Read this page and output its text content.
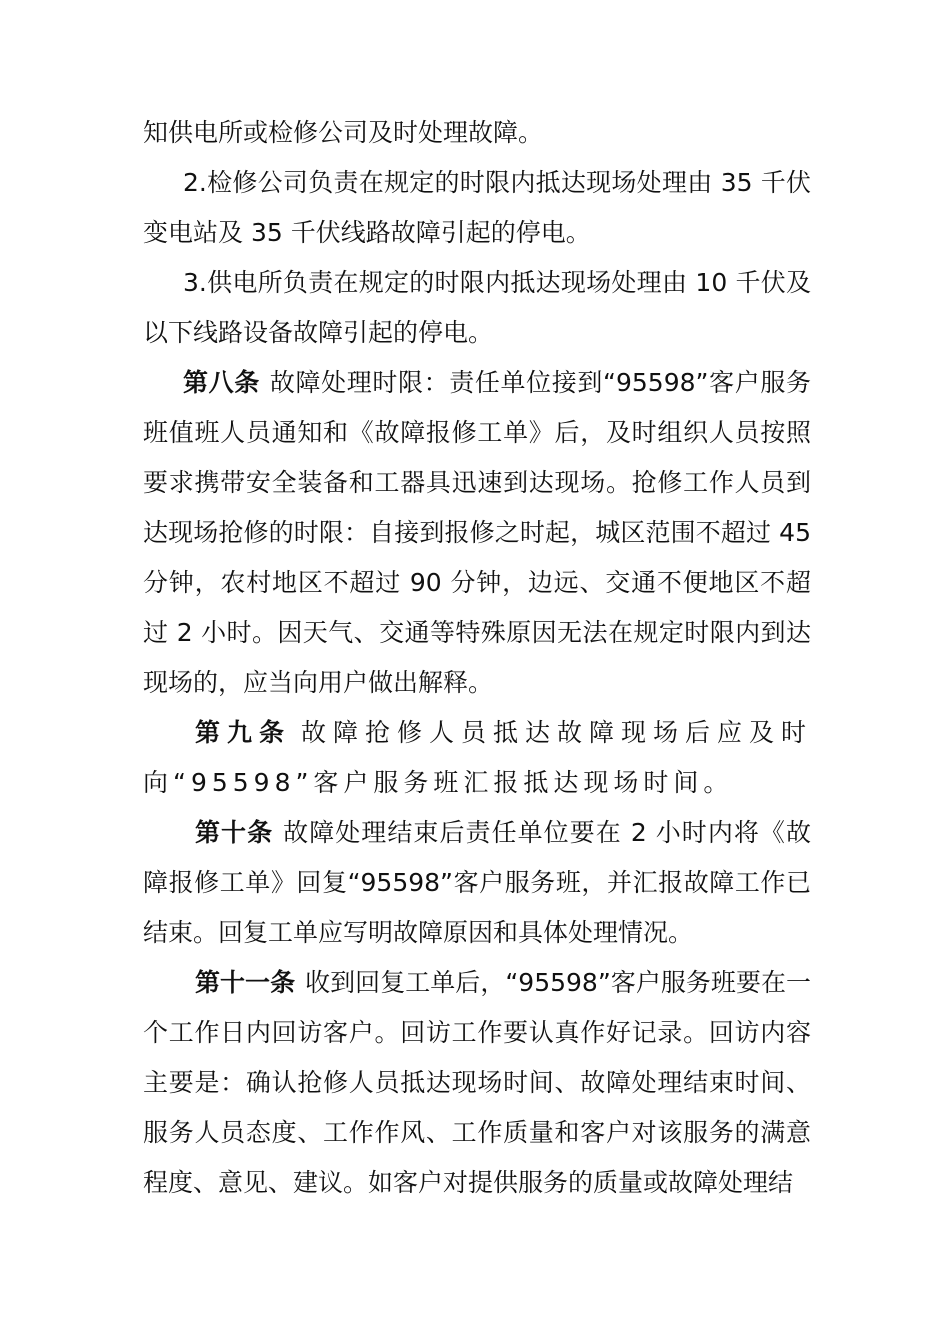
知供电所或检修公司及时处理故障。

2.检修公司负责在规定的时限内抵达现场处理由 35 千伏变电站及 35 千伏线路故障引起的停电。

3.供电所负责在规定的时限内抵达现场处理由 10 千伏及以下线路设备故障引起的停电。

第八条 故障处理时限：责任单位接到“95598”客户服务班值班人员通知和《故障报修工单》后，及时组织人员按照要求携带安全装备和工器具迅速到达现场。抢修工作人员到达现场抢修的时限：自接到报修之时起，城区范围不超过 45 分钟，农村地区不超过 90 分钟，边远、交通不便地区不超过 2 小时。因天气、交通等特殊原因无法在规定时限内到达现场的，应当向用户做出解释。

第九条 故障抢修人员抵达故障现场后应及时向“95598”客户服务班汇报抵达现场时间。

第十条 故障处理结束后责任单位要在 2 小时内将《故障报修工单》回复“95598”客户服务班，并汇报故障工作已结束。回复工单应写明故障原因和具体处理情况。

第十一条 收到回复工单后，“95598”客户服务班要在一个工作日内回访客户。回访工作要认真作好记录。回访内容主要是：确认抢修人员抵达现场时间、故障处理结束时间、服务人员态度、工作作风、工作质量和客户对该服务的满意程度、意见、建议。如客户对提供服务的质量或故障处理结
